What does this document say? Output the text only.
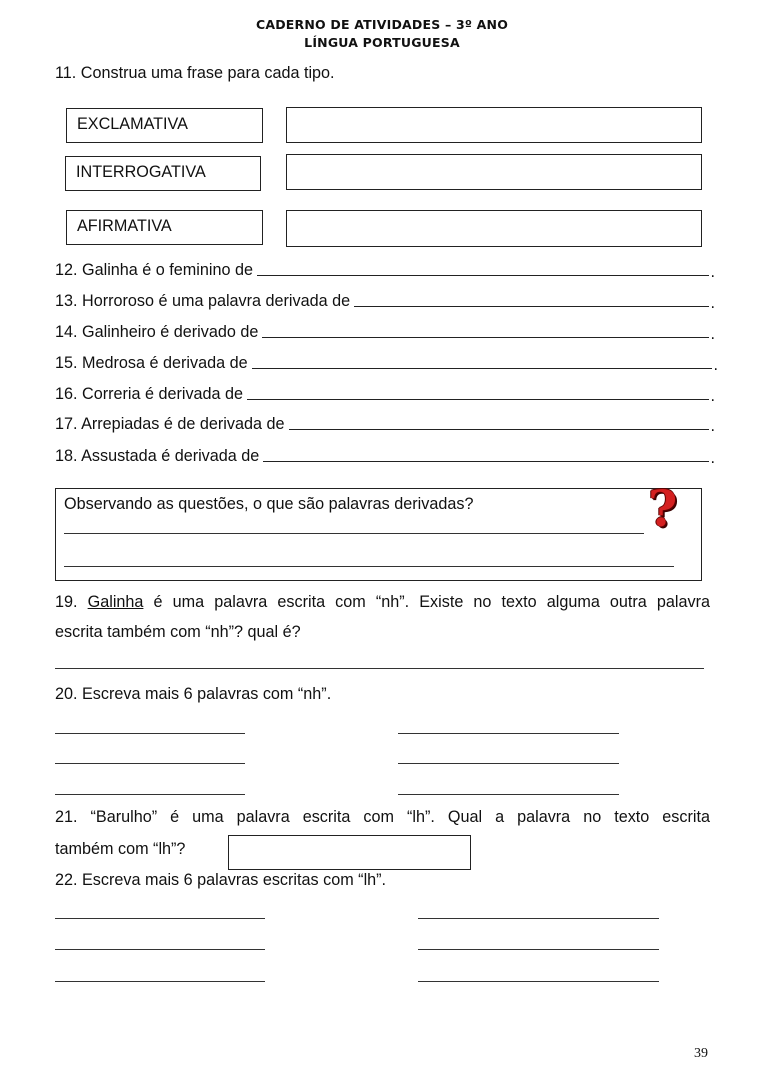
CADERNO DE ATIVIDADES – 3º ANO
LÍNGUA PORTUGUESA
11. Construa uma frase para cada tipo.
EXCLAMATIVA
INTERROGATIVA
AFIRMATIVA
12. Galinha é o feminino de	.
13. Horroroso é uma palavra derivada de	.
14. Galinheiro é derivado de	.
15. Medrosa é derivada de	.
16. Correria é derivada de	.
17. Arrepiadas é de derivada de	.
18. Assustada é derivada de	.
Observando as questões, o que são palavras derivadas?	?
19. Galinha é uma palavra escrita com “nh”. Existe no texto alguma outra palavra
escrita também com “nh”? qual é?
20. Escreva mais 6 palavras com “nh”.
21. “Barulho” é uma palavra escrita com “lh”. Qual a palavra no texto escrita
também com “lh”?
22. Escreva mais 6 palavras escritas com “lh”.
39
